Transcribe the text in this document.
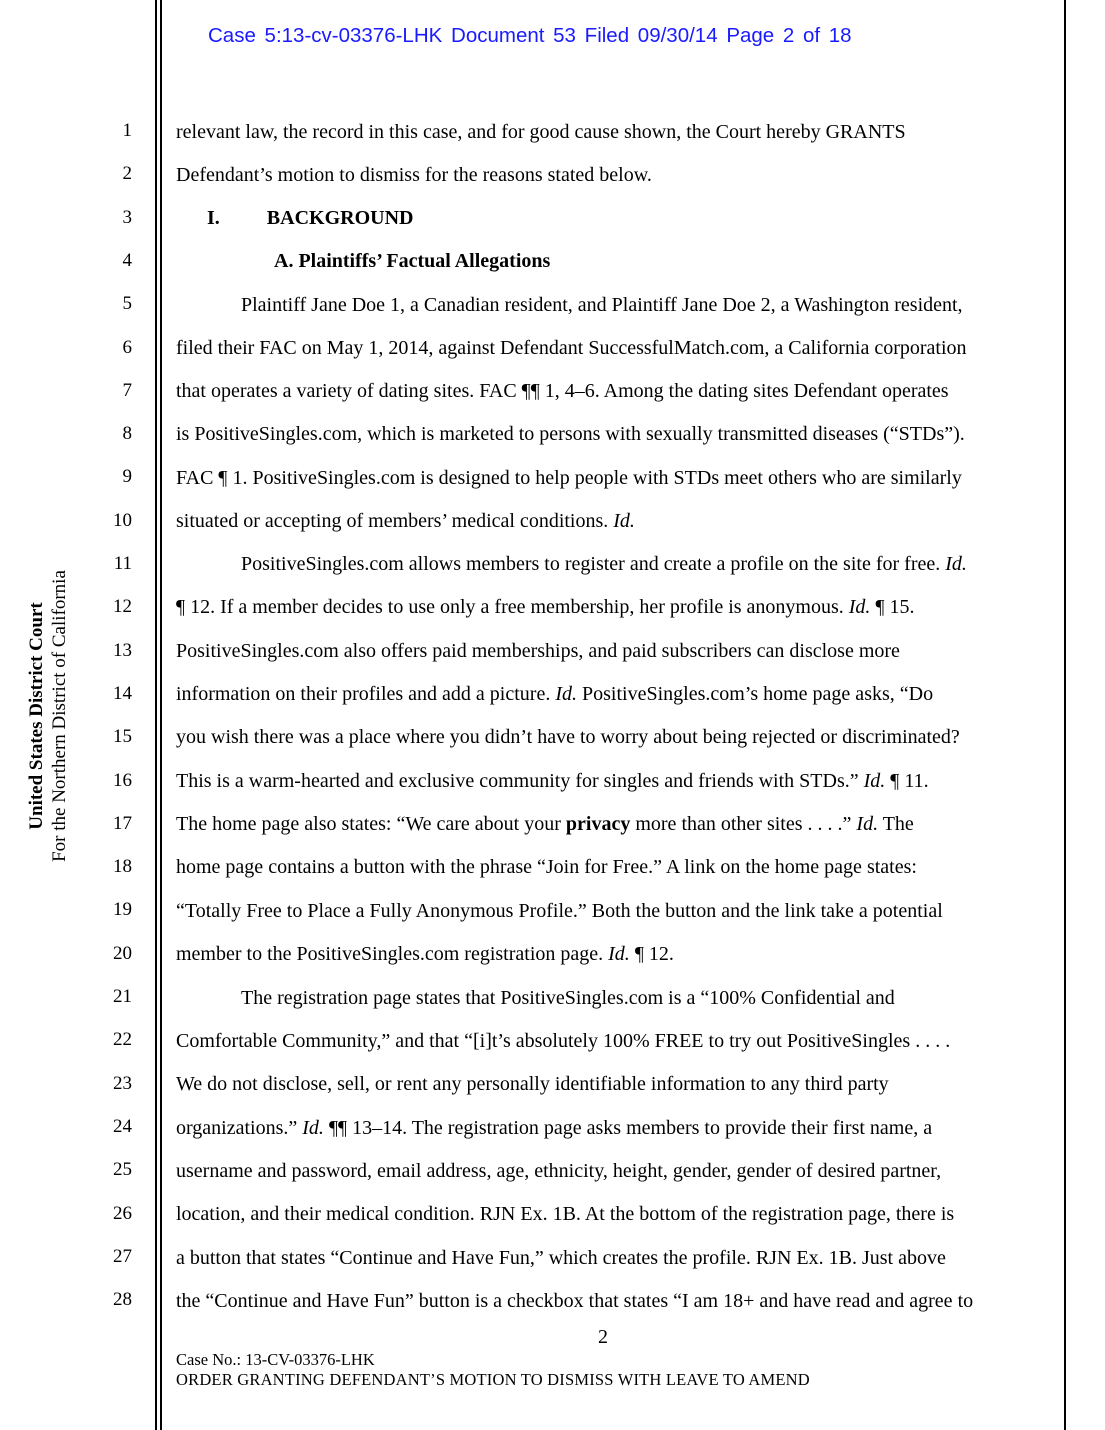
Case 5:13-cv-03376-LHK Document 53 Filed 09/30/14 Page 2 of 18
United States District Court For the Northern District of California
1
2
3
4
5
6
7
8
9
10
11
12
13
14
15
16
17
18
19
20
21
22
23
24
25
26
27
28
relevant law, the record in this case, and for good cause shown, the Court hereby GRANTS
Defendant’s motion to dismiss for the reasons stated below.
I. BACKGROUND
A. Plaintiffs’ Factual Allegations
Plaintiff Jane Doe 1, a Canadian resident, and Plaintiff Jane Doe 2, a Washington resident,
filed their FAC on May 1, 2014, against Defendant SuccessfulMatch.com, a California corporation
that operates a variety of dating sites. FAC ¶¶ 1, 4–6. Among the dating sites Defendant operates
is PositiveSingles.com, which is marketed to persons with sexually transmitted diseases (“STDs”).
FAC ¶ 1. PositiveSingles.com is designed to help people with STDs meet others who are similarly
situated or accepting of members’ medical conditions. Id.
PositiveSingles.com allows members to register and create a profile on the site for free. Id.
¶ 12. If a member decides to use only a free membership, her profile is anonymous. Id. ¶ 15.
PositiveSingles.com also offers paid memberships, and paid subscribers can disclose more
information on their profiles and add a picture. Id. PositiveSingles.com’s home page asks, “Do
you wish there was a place where you didn’t have to worry about being rejected or discriminated?
This is a warm-hearted and exclusive community for singles and friends with STDs.” Id. ¶ 11.
The home page also states: “We care about your privacy more than other sites . . . .” Id. The
home page contains a button with the phrase “Join for Free.” A link on the home page states:
“Totally Free to Place a Fully Anonymous Profile.” Both the button and the link take a potential
member to the PositiveSingles.com registration page. Id. ¶ 12.
The registration page states that PositiveSingles.com is a “100% Confidential and
Comfortable Community,” and that “[i]t’s absolutely 100% FREE to try out PositiveSingles . . . .
We do not disclose, sell, or rent any personally identifiable information to any third party
organizations.” Id. ¶¶ 13–14. The registration page asks members to provide their first name, a
username and password, email address, age, ethnicity, height, gender, gender of desired partner,
location, and their medical condition. RJN Ex. 1B. At the bottom of the registration page, there is
a button that states “Continue and Have Fun,” which creates the profile. RJN Ex. 1B. Just above
the “Continue and Have Fun” button is a checkbox that states “I am 18+ and have read and agree to
2
Case No.: 13-CV-03376-LHK
ORDER GRANTING DEFENDANT’S MOTION TO DISMISS WITH LEAVE TO AMEND
